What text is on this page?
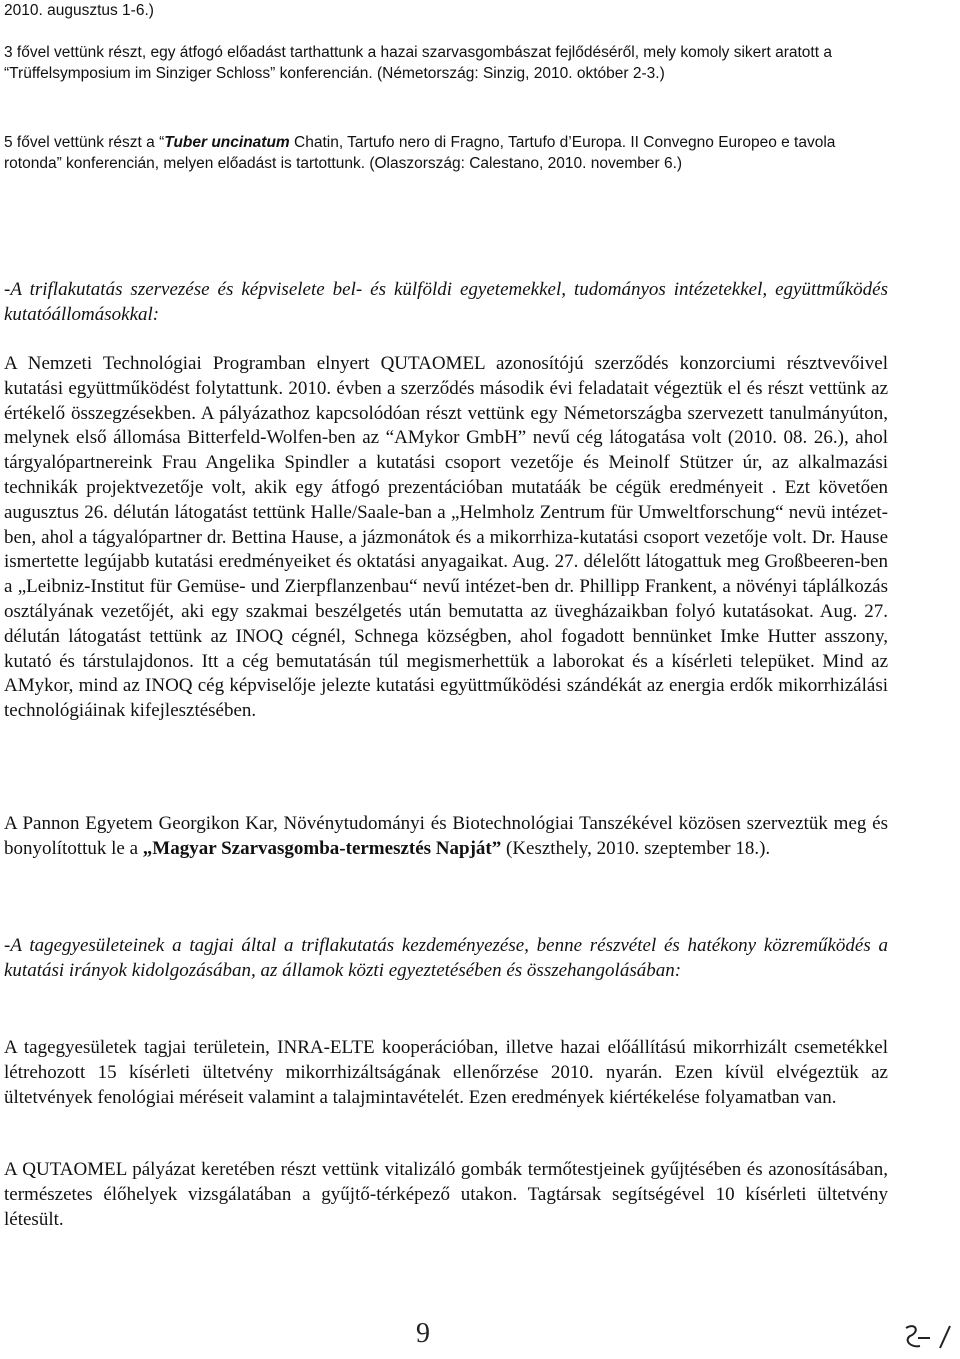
2010. augusztus 1-6.)

3 fővel vettünk részt, egy átfogó előadást tarthattunk a hazai szarvasgombászat fejlődéséről, mely komoly sikert aratott a “Trüffelsymposium im Sinziger Schloss” konferencián. (Németország: Sinzig, 2010. október 2-3.)

5 fővel vettünk részt a “Tuber uncinatum Chatin, Tartufo nero di Fragno, Tartufo d’Europa. II Convegno Europeo e tavola rotonda” konferencián, melyen előadást is tartottunk. (Olaszország: Calestano, 2010. november 6.)

-A triflakutatás szervezése és képviselete bel- és külföldi egyetemekkel, tudományos intézetekkel, együttműködés kutatóállomásokkal:

A Nemzeti Technológiai Programban elnyert QUTAOMEL azonosítójú szerződés konzorciumi résztvevőivel kutatási együttműködést folytattunk. 2010. évben a szerződés második évi feladatait végeztük el és részt vettünk az értékelő összegzésekben. A pályázathoz kapcsolódóan részt vettünk egy Németországba szervezett tanulmányúton, melynek első állomása Bitterfeld-Wolfen-ben az “AMykor GmbH” nevű cég látogatása volt (2010. 08. 26.), ahol tárgyalópartnereink Frau Angelika Spindler a kutatási csoport vezetője és Meinolf Stützer úr, az alkalmazási technikák projektvezetője volt, akik egy átfogó prezentációban mutatáák be cégük eredményeit . Ezt követően augusztus 26. délután látogatást tettünk Halle/Saale-ban a „Helmholz Zentrum für Umweltforschung“ nevü intézet-ben, ahol a tágyalópartner dr. Bettina Hause, a jázmonátok és a mikorrhiza-kutatási csoport vezetője volt. Dr. Hause ismertette legújabb kutatási eredményeiket és oktatási anyagaikat. Aug. 27. délelőtt látogattuk meg Großbeeren-ben a „Leibniz-Institut für Gemüse- und Zierpflanzenbau“ nevű intézet-ben dr. Phillipp Frankent, a növényi táplálkozás osztályának vezetőjét, aki egy szakmai beszélgetés után bemutatta az üvegházaikban folyó kutatásokat. Aug. 27. délután látogatást tettünk az INOQ cégnél, Schnega községben, ahol fogadott bennünket Imke Hutter asszony, kutató és társtulajdonos. Itt a cég bemutatásán túl megismerhettük a laborokat és a kísérleti telepüket. Mind az AMykor, mind az INOQ cég képviselője jelezte kutatási együttműködési szándékát az energia erdők mikorrhizálási technológiáinak kifejlesztésében.

A Pannon Egyetem Georgikon Kar, Növénytudományi és Biotechnológiai Tanszékével közösen szerveztük meg és bonyolítottuk le a „Magyar Szarvasgomba-termesztés Napját” (Keszthely, 2010. szeptember 18.).

-A tagegyesületeinek a tagjai által a triflakutatás kezdeményezése, benne részvétel és hatékony közreműködés a kutatási irányok kidolgozásában, az államok közti egyeztetésében és összehangolásában:

A tagegyesületek tagjai területein, INRA-ELTE kooperációban, illetve hazai előállítású mikorrhizált csemetékkel létrehozott 15 kísérleti ültetvény mikorrhizáltságának ellenőrzése 2010. nyarán. Ezen kívül elvégeztük az ültetvények fenológiai méréseit valamint a talajmintavételét. Ezen eredmények kiértékelése folyamatban van.

A QUTAOMEL pályázat keretében részt vettünk vitalizáló gombák termőtestjeinek gyűjtésében és azonosításában, természetes élőhelyek vizsgálatában a gyűjtő-térképező utakon. Tagtársak segítségével 10 kísérleti ültetvény létesült.

9
